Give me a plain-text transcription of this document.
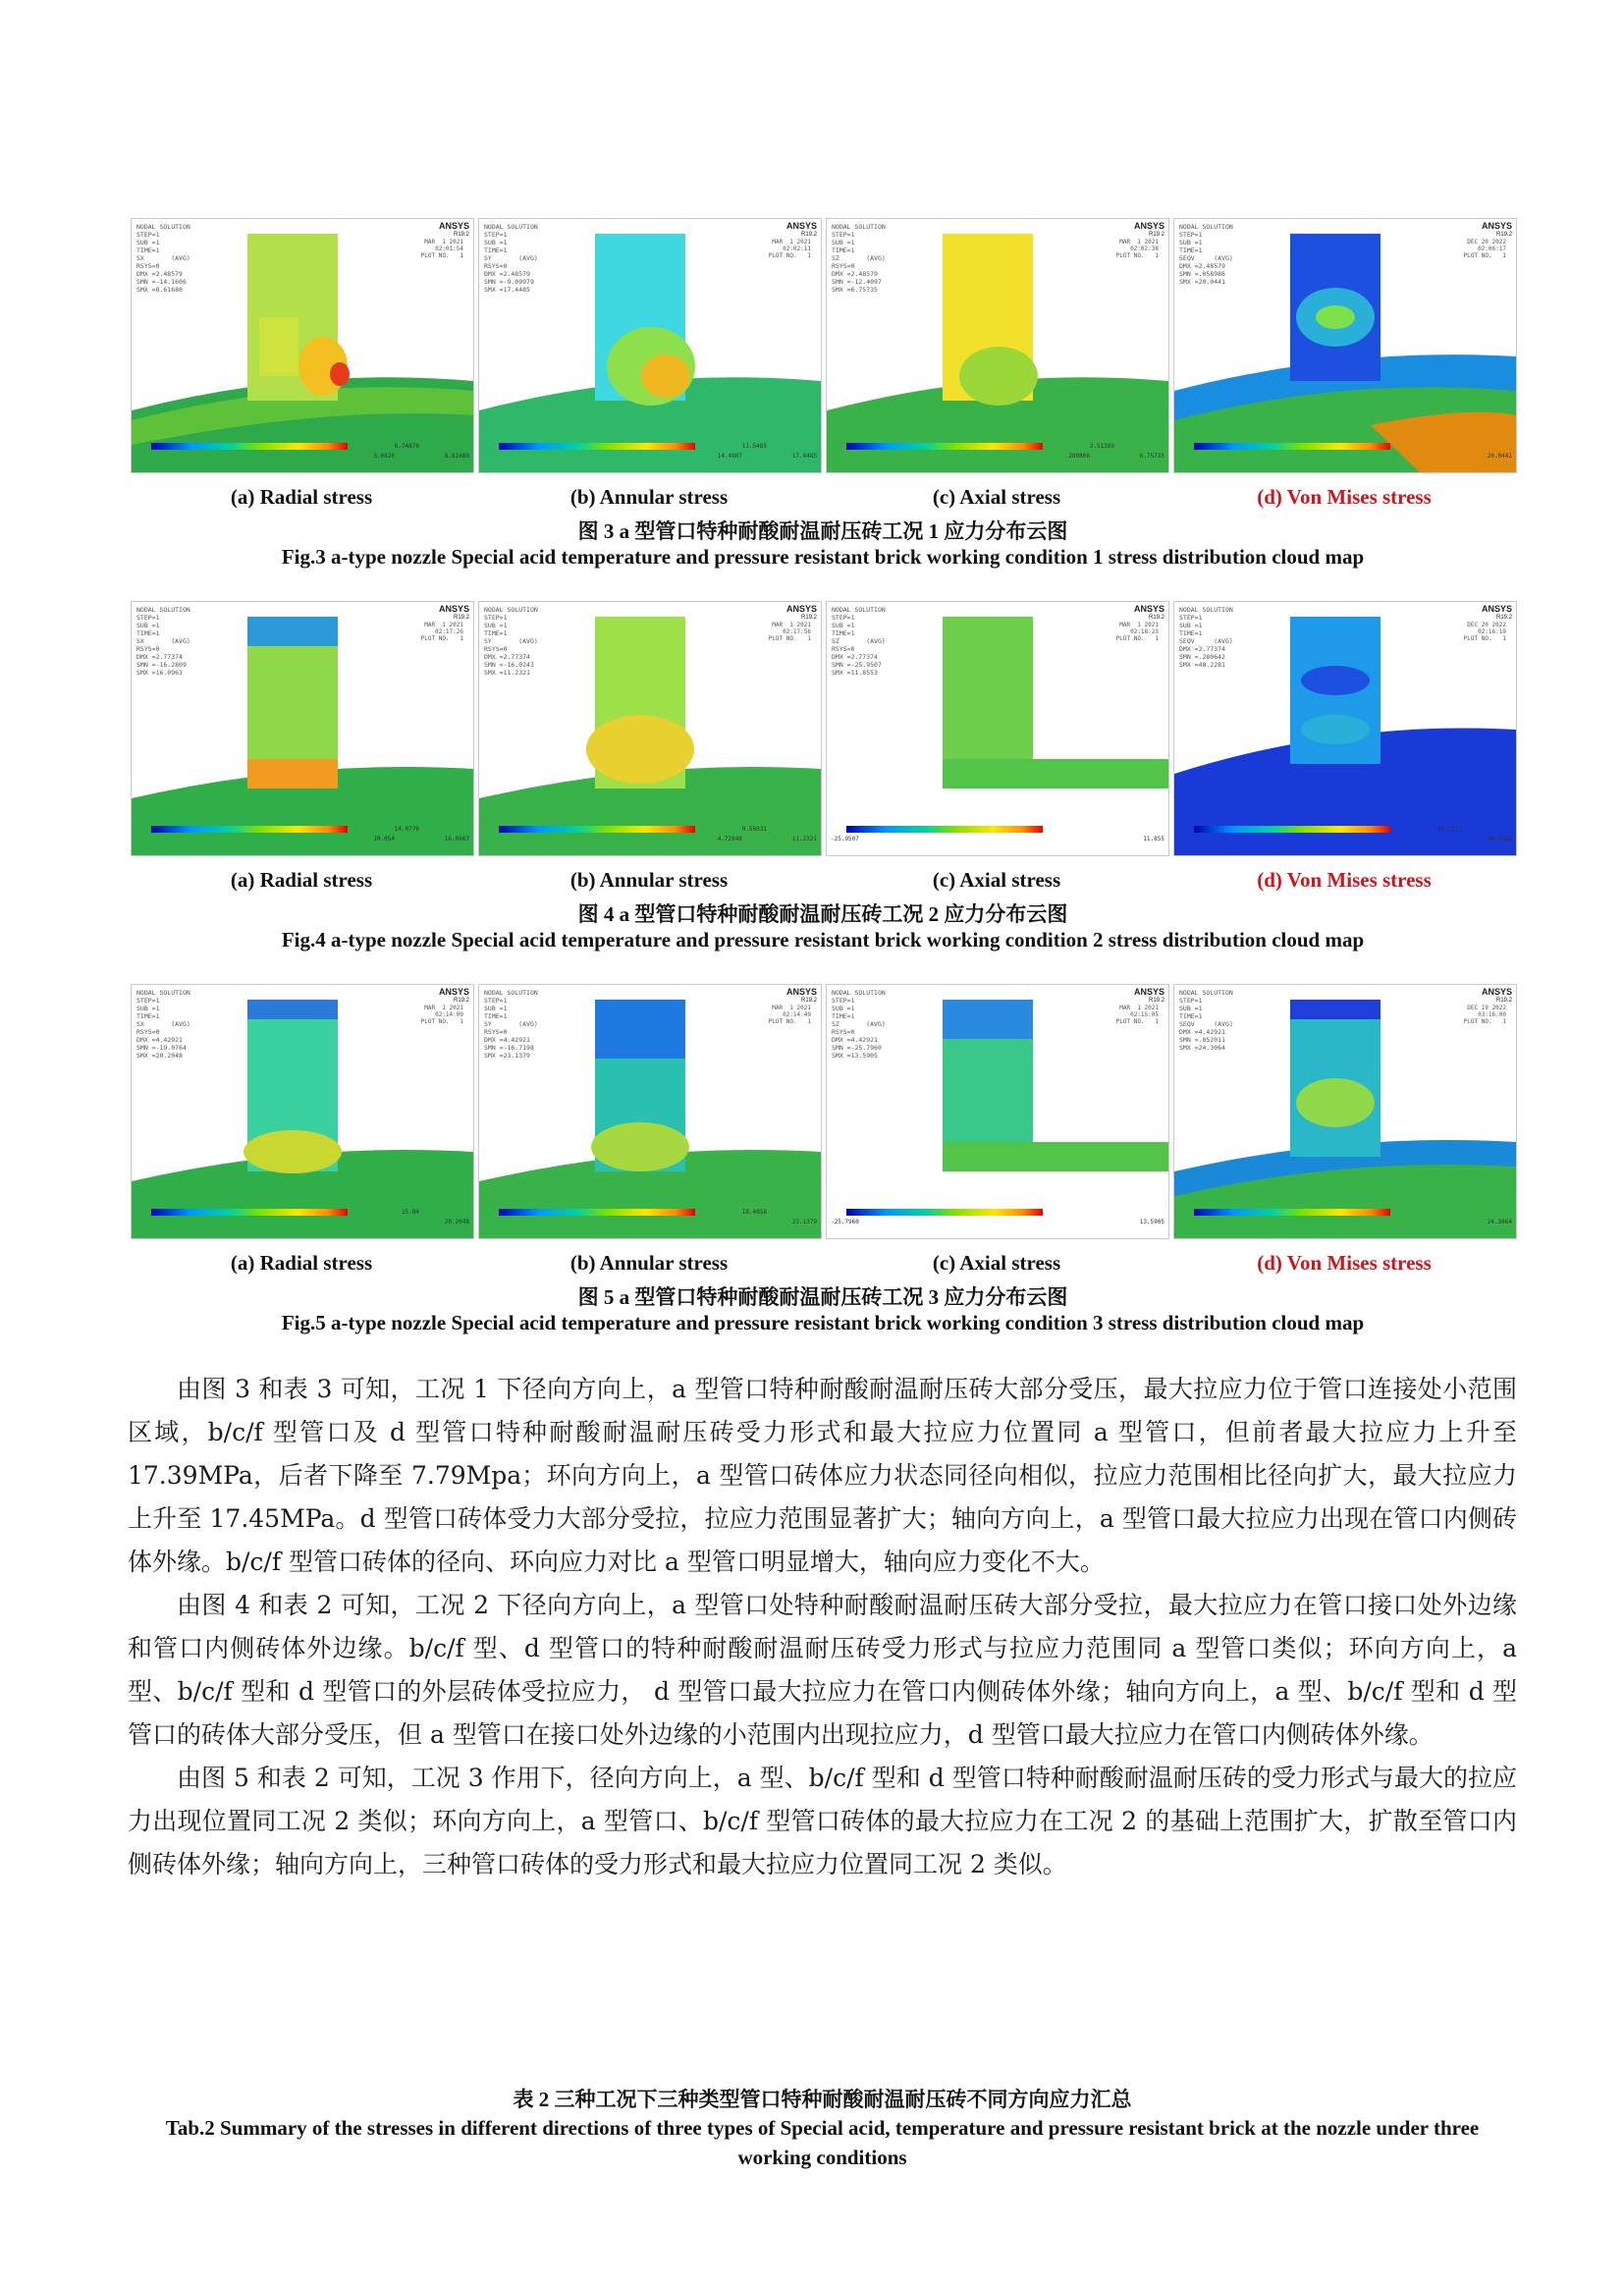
NODAL SOLUTION
STEP=1
SUB =1
TIME=1
SX       (AVG)
RSYS=0
DMX =2.48579
SMN =-14.1606
SMX =8.61680
ANSYS
R19.2
MAR  1 2021
02:01:54
PLOT NO.   1
8.61680
6.74876
3.0826
NODAL SOLUTION
STEP=1
SUB =1
TIME=1
SY       (AVG)
RSYS=0
DMX =2.48579
SMN =-9.09979
SMX =17.4485
ANSYS
R19.2
MAR  1 2021
02:02:11
PLOT NO.   1
17.4485
11.5485
14.4987
NODAL SOLUTION
STEP=1
SUB =1
TIME=1
SZ       (AVG)
RSYS=0
DMX =2.48579
SMN =-12.4097
SMX =6.75735
ANSYS
R19.2
MAR  1 2021
02:02:38
PLOT NO.   1
6.75735
3.51389
.289806
NODAL SOLUTION
STEP=1
SUB =1
TIME=1
SEQV     (AVG)
DMX =2.48579
SMN =.058986
SMX =20.0441
ANSYS
R19.2
DEC 20 2022
02:06:17
PLOT NO.   1
20.0441
(a) Radial stress	(b) Annular stress	(c) Axial stress	(d) Von Mises stress
图 3 a 型管口特种耐酸耐温耐压砖工况 1 应力分布云图
Fig.3 a-type nozzle Special acid temperature and pressure resistant brick working condition 1 stress distribution cloud map
NODAL SOLUTION
STEP=1
SUB =1
TIME=1
SX       (AVG)
RSYS=0
DMX =2.77374
SMN =-16.2809
SMX =16.0963
ANSYS
R19.2
MAR  1 2021
02:17:26
PLOT NO.   1
16.0963
14.0776
10.054
NODAL SOLUTION
STEP=1
SUB =1
TIME=1
SY       (AVG)
RSYS=0
DMX =2.77374
SMN =-16.0243
SMX =11.2321
ANSYS
R19.2
MAR  1 2021
02:17:56
PLOT NO.   1
11.2321
9.58031
4.72848
NODAL SOLUTION
STEP=1
SUB =1
TIME=1
SZ       (AVG)
RSYS=0
DMX =2.77374
SMN =-25.9507
SMX =11.8553
ANSYS
R19.2
MAR  1 2021
02:18:23
PLOT NO.   1
11.855
-25.9507
NODAL SOLUTION
STEP=1
SUB =1
TIME=1
SEQV     (AVG)
DMX =2.77374
SMN =.280642
SMX =48.2281
ANSYS
R19.2
DEC 20 2022
02:16:19
PLOT NO.   1
48.2281
42.7322
(a) Radial stress	(b) Annular stress	(c) Axial stress	(d) Von Mises stress
图 4 a 型管口特种耐酸耐温耐压砖工况 2 应力分布云图
Fig.4 a-type nozzle Special acid temperature and pressure resistant brick working condition 2 stress distribution cloud map
NODAL SOLUTION
STEP=1
SUB =1
TIME=1
SX       (AVG)
RSYS=0
DMX =4.42921
SMN =-19.0764
SMX =20.2048
ANSYS
R19.2
MAR  1 2021
02:14:09
PLOT NO.   1
20.2048
15.84
NODAL SOLUTION
STEP=1
SUB =1
TIME=1
SY       (AVG)
RSYS=0
DMX =4.42921
SMN =-16.7198
SMX =23.1379
ANSYS
R19.2
MAR  1 2021
02:14:49
PLOT NO.   1
23.1379
18.4858
NODAL SOLUTION
STEP=1
SUB =1
TIME=1
SZ       (AVG)
RSYS=0
DMX =4.42921
SMN =-25.7960
SMX =13.5905
ANSYS
R19.2
MAR  1 2021
02:15:05
PLOT NO.   1
13.5905
-25.7960
NODAL SOLUTION
STEP=1
SUB =1
TIME=1
SEQV     (AVG)
DMX =4.42921
SMN =.052011
SMX =24.3064
ANSYS
R19.2
DEC 19 2022
03:16:00
PLOT NO.   1
24.3064
(a) Radial stress	(b) Annular stress	(c) Axial stress	(d) Von Mises stress
图 5 a 型管口特种耐酸耐温耐压砖工况 3 应力分布云图
Fig.5 a-type nozzle Special acid temperature and pressure resistant brick working condition 3 stress distribution cloud map

由图 3 和表 3 可知，工况 1 下径向方向上，a 型管口特种耐酸耐温耐压砖大部分受压，最大拉应力位于管口连接处小范围区域，b/c/f 型管口及 d 型管口特种耐酸耐温耐压砖受力形式和最大拉应力位置同 a 型管口，但前者最大拉应力上升至 17.39MPa，后者下降至 7.79Mpa；环向方向上，a 型管口砖体应力状态同径向相似，拉应力范围相比径向扩大，最大拉应力上升至 17.45MPa。d 型管口砖体受力大部分受拉，拉应力范围显著扩大；轴向方向上，a 型管口最大拉应力出现在管口内侧砖体外缘。b/c/f 型管口砖体的径向、环向应力对比 a 型管口明显增大，轴向应力变化不大。

由图 4 和表 2 可知，工况 2 下径向方向上，a 型管口处特种耐酸耐温耐压砖大部分受拉，最大拉应力在管口接口处外边缘和管口内侧砖体外边缘。b/c/f 型、d 型管口的特种耐酸耐温耐压砖受力形式与拉应力范围同 a 型管口类似；环向方向上，a 型、b/c/f 型和 d 型管口的外层砖体受拉应力， d 型管口最大拉应力在管口内侧砖体外缘；轴向方向上，a 型、b/c/f 型和 d 型管口的砖体大部分受压，但 a 型管口在接口处外边缘的小范围内出现拉应力，d 型管口最大拉应力在管口内侧砖体外缘。

由图 5 和表 2 可知，工况 3 作用下，径向方向上，a 型、b/c/f 型和 d 型管口特种耐酸耐温耐压砖的受力形式与最大的拉应力出现位置同工况 2 类似；环向方向上，a 型管口、b/c/f 型管口砖体的最大拉应力在工况 2 的基础上范围扩大，扩散至管口内侧砖体外缘；轴向方向上，三种管口砖体的受力形式和最大拉应力位置同工况 2 类似。

表 2 三种工况下三种类型管口特种耐酸耐温耐压砖不同方向应力汇总
Tab.2 Summary of the stresses in different directions of three types of Special acid, temperature and pressure resistant brick at the nozzle under three working conditions
